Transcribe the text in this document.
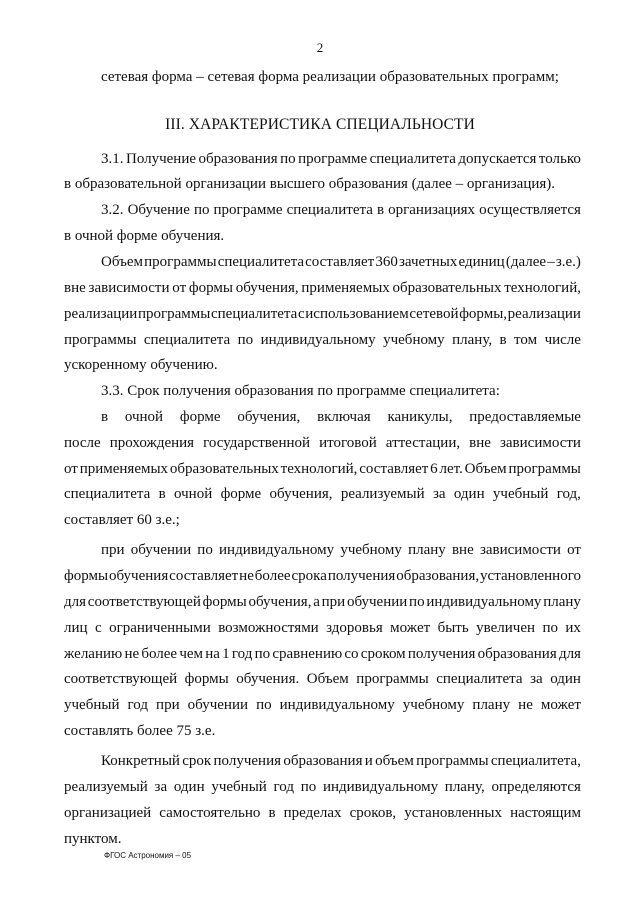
2
сетевая форма – сетевая форма реализации образовательных программ;
III. ХАРАКТЕРИСТИКА СПЕЦИАЛЬНОСТИ
3.1. Получение образования по программе специалитета допускается только
в образовательной организации высшего образования (далее – организация).
3.2. Обучение по программе специалитета в организациях осуществляется
в очной форме обучения.
Объем программы специалитета составляет 360 зачетных единиц (далее – з.е.)
вне зависимости от формы обучения, применяемых образовательных технологий,
реализации программы специалитета с использованием сетевой формы, реализации
программы специалитета по индивидуальному учебному плану, в том числе
ускоренному обучению.
3.3. Срок получения образования по программе специалитета:
в очной форме обучения, включая каникулы, предоставляемые
после прохождения государственной итоговой аттестации, вне зависимости
от применяемых образовательных технологий, составляет 6 лет. Объем программы
специалитета в очной форме обучения, реализуемый за один учебный год,
составляет 60 з.е.;
при обучении по индивидуальному учебному плану вне зависимости от
формы обучения составляет не более срока получения образования, установленного
для соответствующей формы обучения, а при обучении по индивидуальному плану
лиц с ограниченными возможностями здоровья может быть увеличен по их
желанию не более чем на 1 год по сравнению со сроком получения образования для
соответствующей формы обучения. Объем программы специалитета за один
учебный год при обучении по индивидуальному учебному плану не может
составлять более 75 з.е.
Конкретный срок получения образования и объем программы специалитета,
реализуемый за один учебный год по индивидуальному плану, определяются
организацией самостоятельно в пределах сроков, установленных настоящим
пунктом.
ФГОС Астрономия – 05
